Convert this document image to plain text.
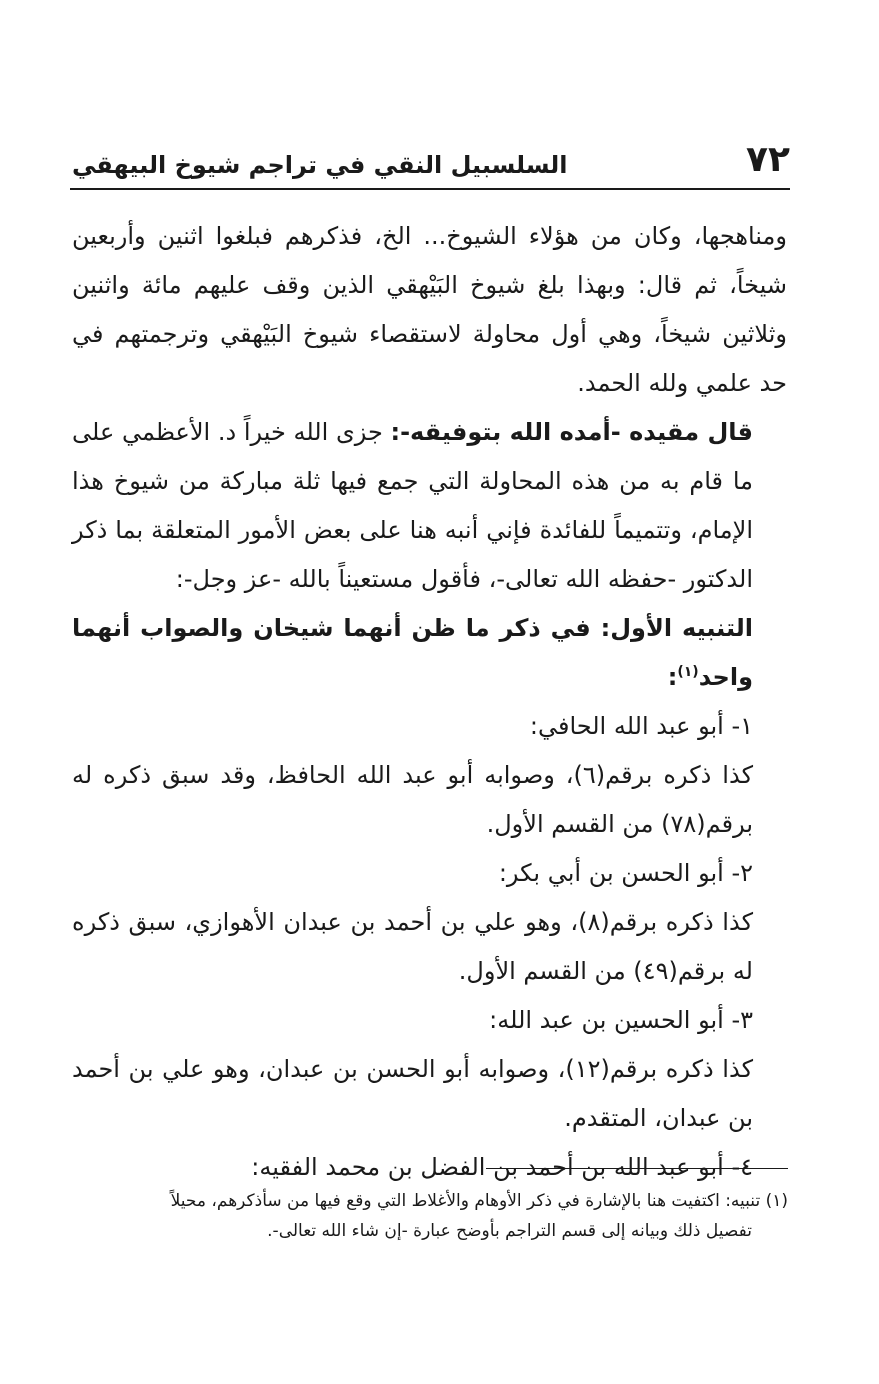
٧٢
السلسبيل النقي في تراجم شيوخ البيهقي

ومناهجها، وكان من هؤلاء الشيوخ... الخ، فذكرهم فبلغوا اثنين وأربعين شيخاً، ثم قال: وبهذا بلغ شيوخ البَيْهقي الذين وقف عليهم مائة واثنين وثلاثين شيخاً، وهي أول محاولة لاستقصاء شيوخ البَيْهقي وترجمتهم في حد علمي ولله الحمد.

قال مقيده -أمده الله بتوفيقه-: جزى الله خيراً د. الأعظمي على ما قام به من هذه المحاولة التي جمع فيها ثلة مباركة من شيوخ هذا الإمام، وتتميماً للفائدة فإني أنبه هنا على بعض الأمور المتعلقة بما ذكر الدكتور -حفظه الله تعالى-، فأقول مستعيناً بالله -عز وجل-:

التنبيه الأول: في ذكر ما ظن أنهما شيخان والصواب أنهما واحد$^{(١)}$:

١- أبو عبد الله الحافي:

كذا ذكره برقم(٦)، وصوابه أبو عبد الله الحافظ، وقد سبق ذكره له برقم(٧٨) من القسم الأول.

٢- أبو الحسن بن أبي بكر:

كذا ذكره برقم(٨)، وهو علي بن أحمد بن عبدان الأهوازي، سبق ذكره له برقم(٤٩) من القسم الأول.

٣- أبو الحسين بن عبد الله:

كذا ذكره برقم(١٢)، وصوابه أبو الحسن بن عبدان، وهو علي بن أحمد بن عبدان، المتقدم.

٤- أبو عبد الله بن أحمد بن الفضل بن محمد الفقيه:

(١) تنبيه: اكتفيت هنا بالإشارة في ذكر الأوهام والأغلاط التي وقع فيها من سأذكرهم، محيلاً

تفصيل ذلك وبيانه إلى قسم التراجم بأوضح عبارة -إن شاء الله تعالى-.
